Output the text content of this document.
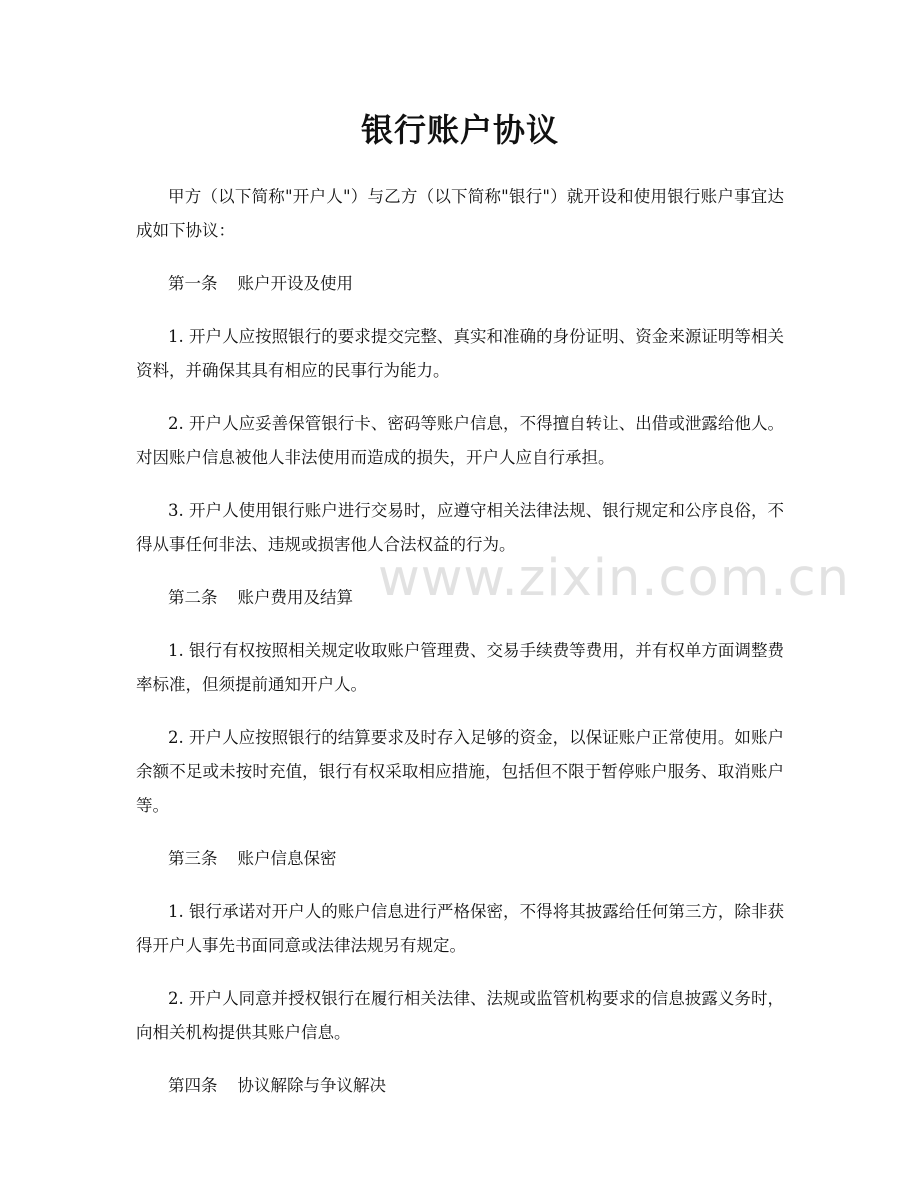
银行账户协议

甲方（以下简称"开户人"）与乙方（以下简称"银行"）就开设和使用银行账户事宜达成如下协议：

第一条 账户开设及使用

1. 开户人应按照银行的要求提交完整、真实和准确的身份证明、资金来源证明等相关资料，并确保其具有相应的民事行为能力。

2. 开户人应妥善保管银行卡、密码等账户信息，不得擅自转让、出借或泄露给他人。对因账户信息被他人非法使用而造成的损失，开户人应自行承担。

3. 开户人使用银行账户进行交易时，应遵守相关法律法规、银行规定和公序良俗，不得从事任何非法、违规或损害他人合法权益的行为。

第二条 账户费用及结算

1. 银行有权按照相关规定收取账户管理费、交易手续费等费用，并有权单方面调整费率标准，但须提前通知开户人。

2. 开户人应按照银行的结算要求及时存入足够的资金，以保证账户正常使用。如账户余额不足或未按时充值，银行有权采取相应措施，包括但不限于暂停账户服务、取消账户等。

第三条 账户信息保密

1. 银行承诺对开户人的账户信息进行严格保密，不得将其披露给任何第三方，除非获得开户人事先书面同意或法律法规另有规定。

2. 开户人同意并授权银行在履行相关法律、法规或监管机构要求的信息披露义务时，向相关机构提供其账户信息。

第四条 协议解除与争议解决

www.zixin.com.cn
